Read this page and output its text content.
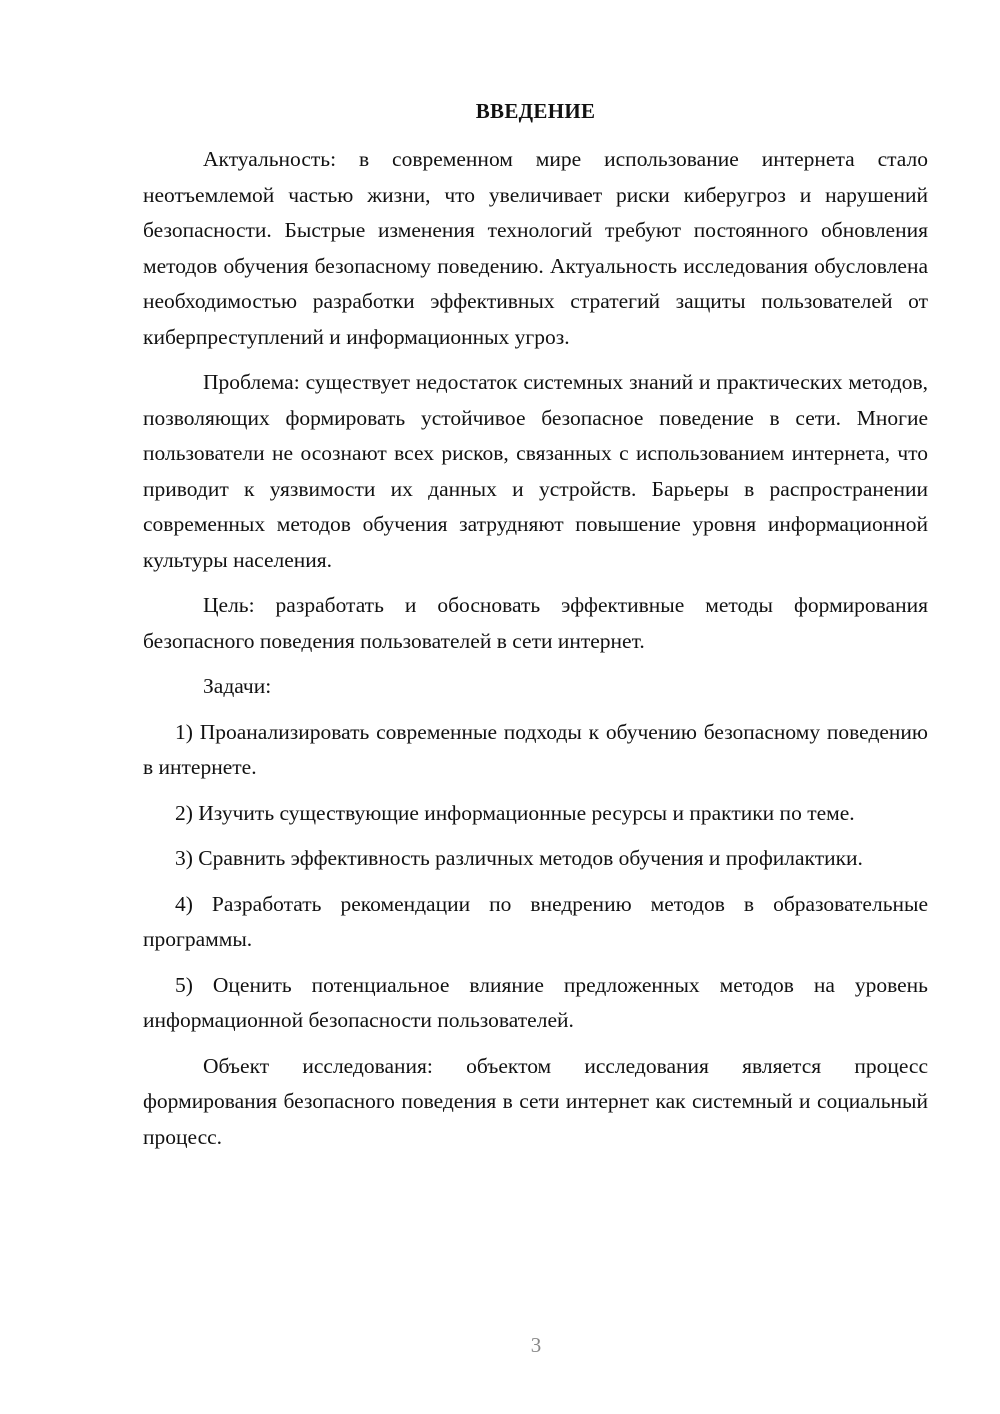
ВВЕДЕНИЕ

Актуальность: в современном мире использование интернета стало неотъемлемой частью жизни, что увеличивает риски киберугроз и нарушений безопасности. Быстрые изменения технологий требуют постоянного обновления методов обучения безопасному поведению. Актуальность исследования обусловлена необходимостью разработки эффективных стратегий защиты пользователей от киберпреступлений и информационных угроз.

Проблема: существует недостаток системных знаний и практических методов, позволяющих формировать устойчивое безопасное поведение в сети. Многие пользователи не осознают всех рисков, связанных с использованием интернета, что приводит к уязвимости их данных и устройств. Барьеры в распространении современных методов обучения затрудняют повышение уровня информационной культуры населения.

Цель: разработать и обосновать эффективные методы формирования безопасного поведения пользователей в сети интернет.

Задачи:

1) Проанализировать современные подходы к обучению безопасному поведению в интернете.

2) Изучить существующие информационные ресурсы и практики по теме.

3) Сравнить эффективность различных методов обучения и профилактики.

4) Разработать рекомендации по внедрению методов в образовательные программы.

5) Оценить потенциальное влияние предложенных методов на уровень информационной безопасности пользователей.

Объект исследования: объектом исследования является процесс формирования безопасного поведения в сети интернет как системный и социальный процесс.

3
